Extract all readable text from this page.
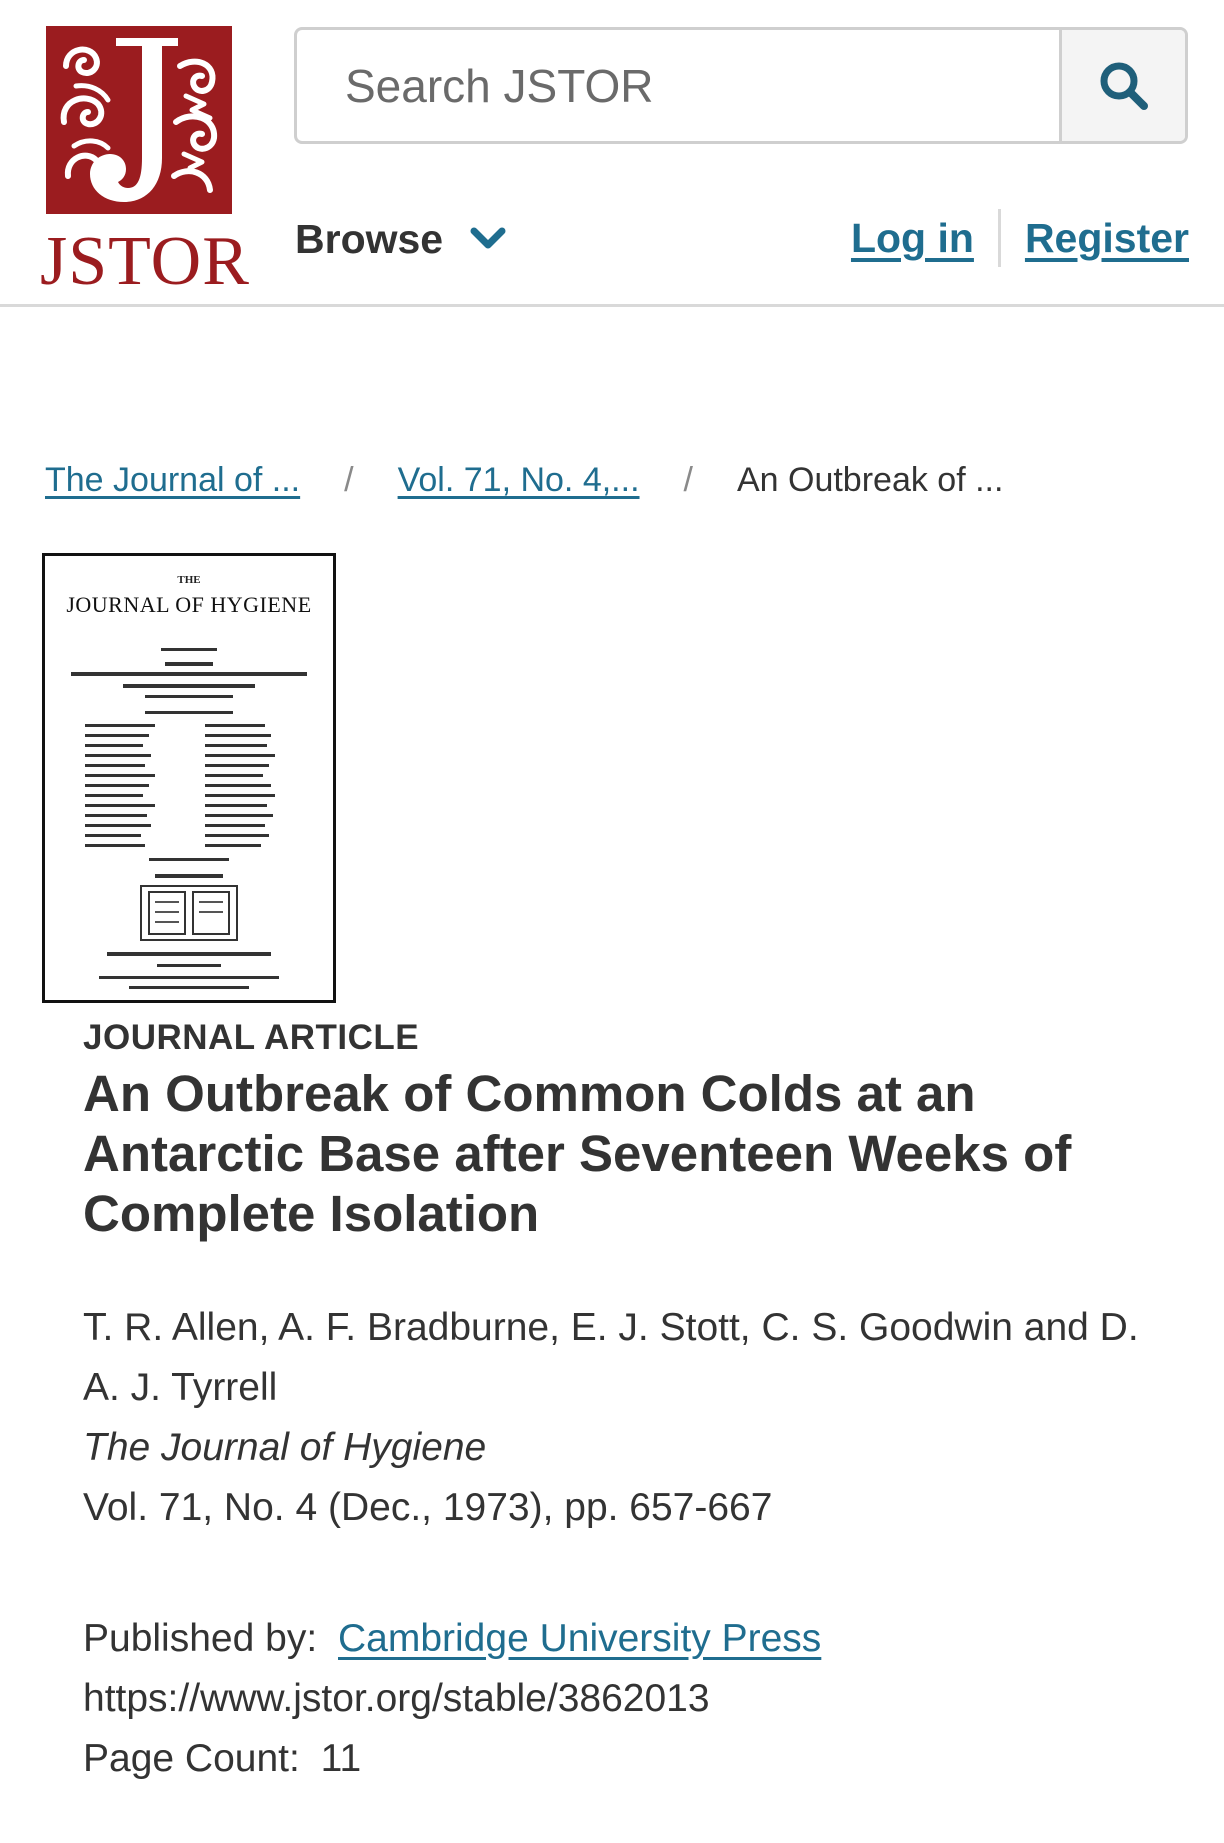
JSTOR
Search JSTOR Browse	Log in Register
The Journal of ... / Vol. 71, No. 4,... / An Outbreak of ...
THE
JOURNAL OF HYGIENE
JOURNAL ARTICLE
An Outbreak of Common Colds at an Antarctic Base after Seventeen Weeks of Complete Isolation
T. R. Allen, A. F. Bradburne, E. J. Stott, C. S. Goodwin and D. A. J. Tyrrell
The Journal of Hygiene
Vol. 71, No. 4 (Dec., 1973), pp. 657-667
Published by: Cambridge University Press
https://www.jstor.org/stable/3862013
Page Count: 11
